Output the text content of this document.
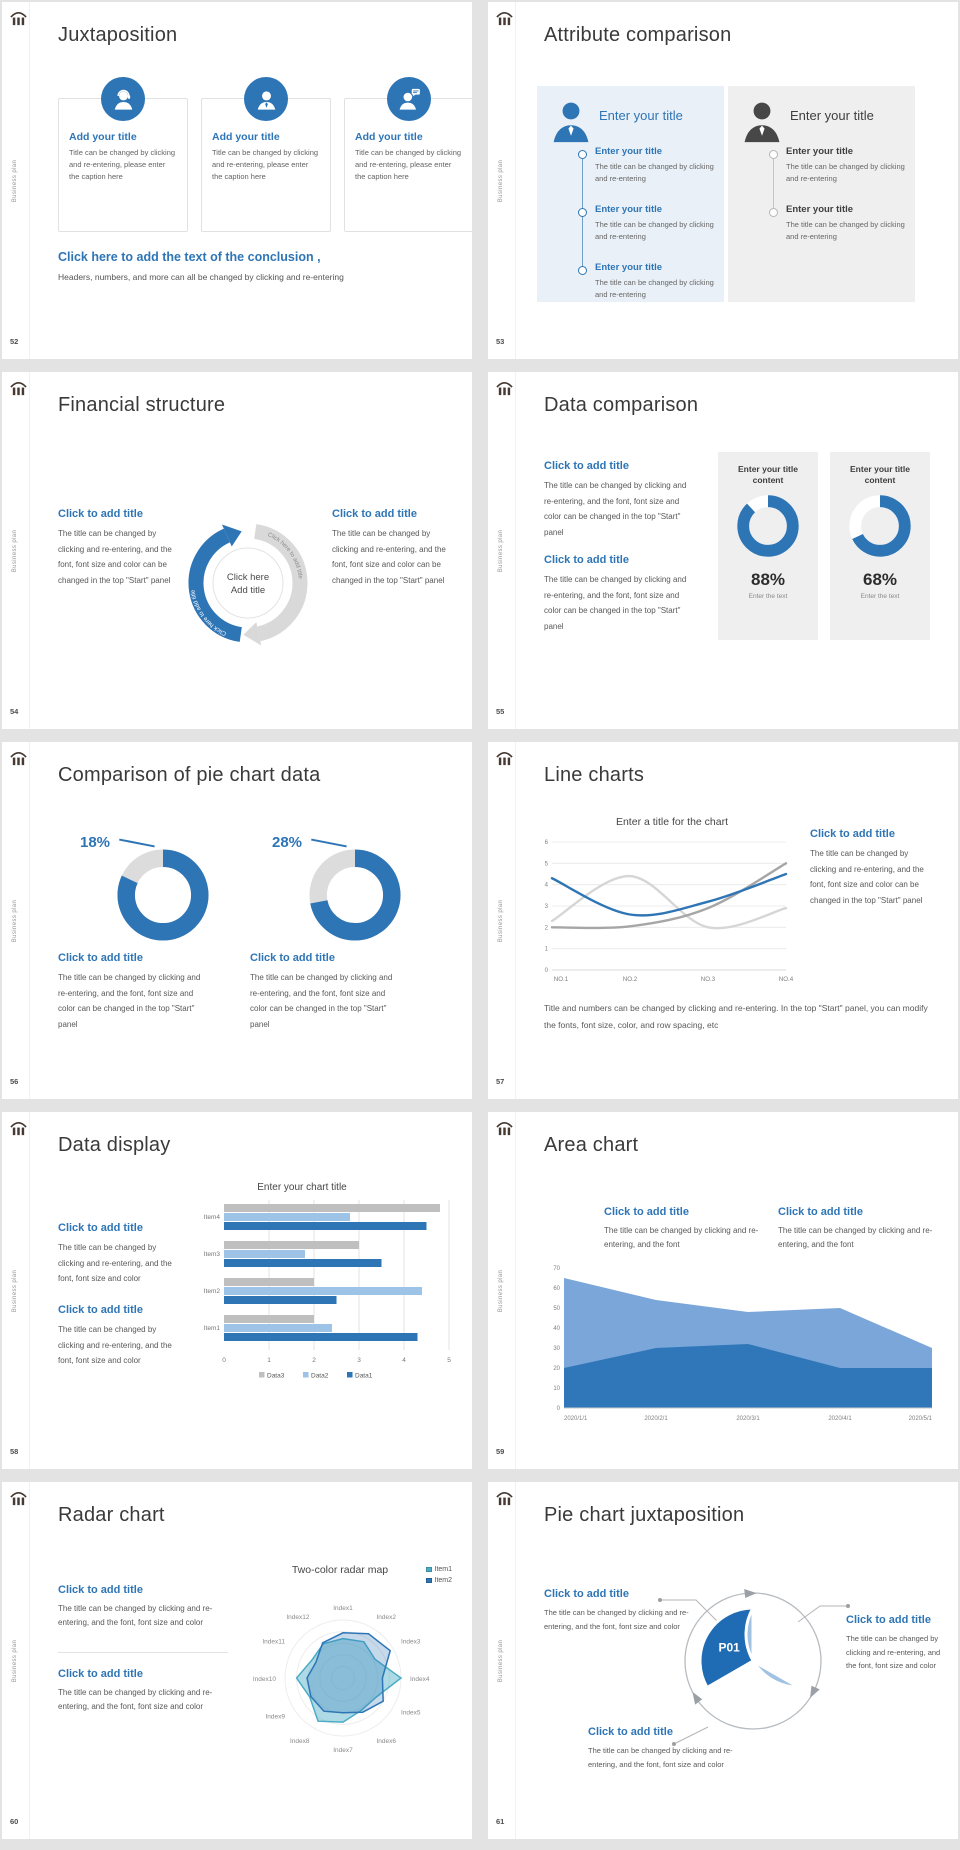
Business plan
52
Juxtaposition
Add your title
Title can be changed by clicking and re-entering, please enter the caption here
Add your title
Title can be changed by clicking and re-entering, please enter the caption here
Add your title
Title can be changed by clicking and re-entering, please enter the caption here
Click here to add the text of the conclusion ,
Headers, numbers, and more can all be changed by clicking and re-entering
Business plan
53
Attribute comparison
Enter your title
Enter your title
The title can be changed by clicking and re-entering
Enter your title
The title can be changed by clicking and re-entering
Enter your title
The title can be changed by clicking and re-entering
Enter your title
Enter your title
The title can be changed by clicking and re-entering
Enter your title
The title can be changed by clicking and re-entering
Business plan
54
Financial structure
Click to add title
The title can be changed by clicking and re-entering, and the font, font size and color can be changed in the top "Start" panel	Click here
Add title
Click here to add title
Click here to add title
Click to add title
The title can be changed by clicking and re-entering, and the font, font size and color can be changed in the top "Start" panel
Business plan
55
Data comparison
Click to add title
The title can be changed by clicking and re-entering, and the font, font size and color can be changed in the top "Start" panel
Click to add title
The title can be changed by clicking and re-entering, and the font, font size and color can be changed in the top "Start" panel
Enter your title content
88%
Enter the text
Enter your title content
68%
Enter the text
Business plan
56
Comparison of pie chart data
18%	28%
Click to add title
The title can be changed by clicking and re-entering, and the font, font size and color can be changed in the top "Start" panel
Click to add title
The title can be changed by clicking and re-entering, and the font, font size and color can be changed in the top "Start" panel
Business plan
57
Line charts
Enter a title for the chart
0
1
2
3
4
5
6
NO.1	NO.2	NO.3	NO.4
Click to add title
The title can be changed by clicking and re-entering, and the font, font size and color can be changed in the top "Start" panel
Title and numbers can be changed by clicking and re-entering. In the top "Start" panel, you can modify the fonts, font size, color, and row spacing, etc
Business plan
58
Data display
Click to add title
The title can be changed by clicking and re-entering, and the font, font size and color
Click to add title
The title can be changed by clicking and re-entering, and the font, font size and color
Enter your chart title
0	1	2	3	4	5
Item4
Item3
Item2
Item1
Data3	Data2	Data1
Business plan
59
Area chart
Click to add title
The title can be changed by clicking and re-entering, and the font
Click to add title
The title can be changed by clicking and re-entering, and the font
0
10
20
30
40
50
60
70
2020/1/1	2020/2/1	2020/3/1	2020/4/1	2020/5/1
Business plan
60
Radar chart
Click to add title
The title can be changed by clicking and re-entering, and the font, font size and color
Click to add title
The title can be changed by clicking and re-entering, and the font, font size and color
Two-color radar map	Item1
Item2
Index1
Index2
Index3
Index4
Index5
Index6
Index7
Index8
Index9
Index10
Index11
Index12
Business plan
61
Pie chart juxtaposition
P01 P02
P03
Click to add title
The title can be changed by clicking and re-entering, and the font, font size and color	Click to add title
The title can be changed by clicking and re-entering, and the font, font size and color
Click to add title
The title can be changed by clicking and re-entering, and the font, font size and color
